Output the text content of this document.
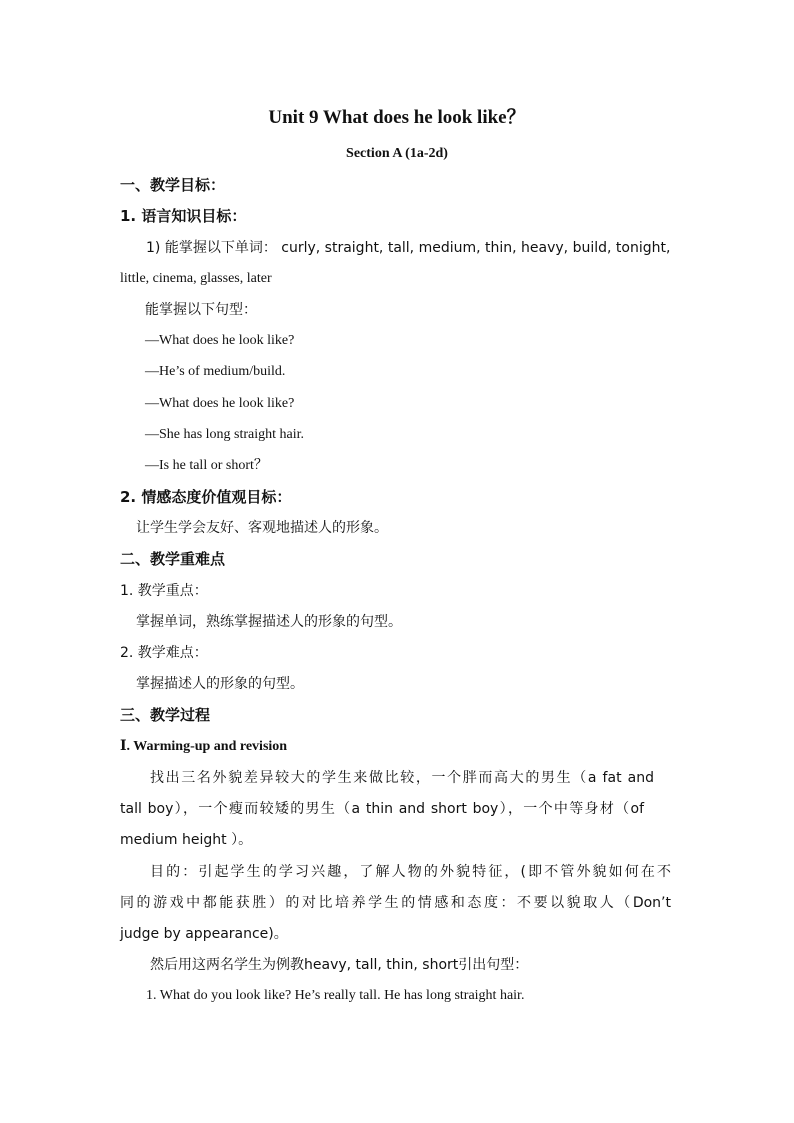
Unit 9 What does he look like？
Section A (1a-2d)
一、教学目标：
1. 语言知识目标：
1) 能掌握以下单词： curly, straight, tall, medium, thin, heavy, build, tonight,
little, cinema, glasses, later
能掌握以下句型：
—What does he look like?
—He’s of medium/build.
—What does he look like?
—She has long straight hair.
—Is he tall or short？
2. 情感态度价值观目标：
让学生学会友好、客观地描述人的形象。
二、教学重难点
1. 教学重点：
掌握单词，熟练掌握描述人的形象的句型。
2. 教学难点：
掌握描述人的形象的句型。
三、教学过程
Ⅰ. Warming-up and revision
找出三名外貌差异较大的学生来做比较，一个胖而高大的男生（a fat and
tall boy），一个瘦而较矮的男生（a thin and short boy），一个中等身材（of
medium height ）。
目的：引起学生的学习兴趣，了解人物的外貌特征，(即不管外貌如何在不
同的游戏中都能获胜）的对比培养学生的情感和态度：不要以貌取人（Don’t
judge by appearance)。
然后用这两名学生为例教heavy, tall, thin, short引出句型：
1. What do you look like? He’s really tall. He has long straight hair.
